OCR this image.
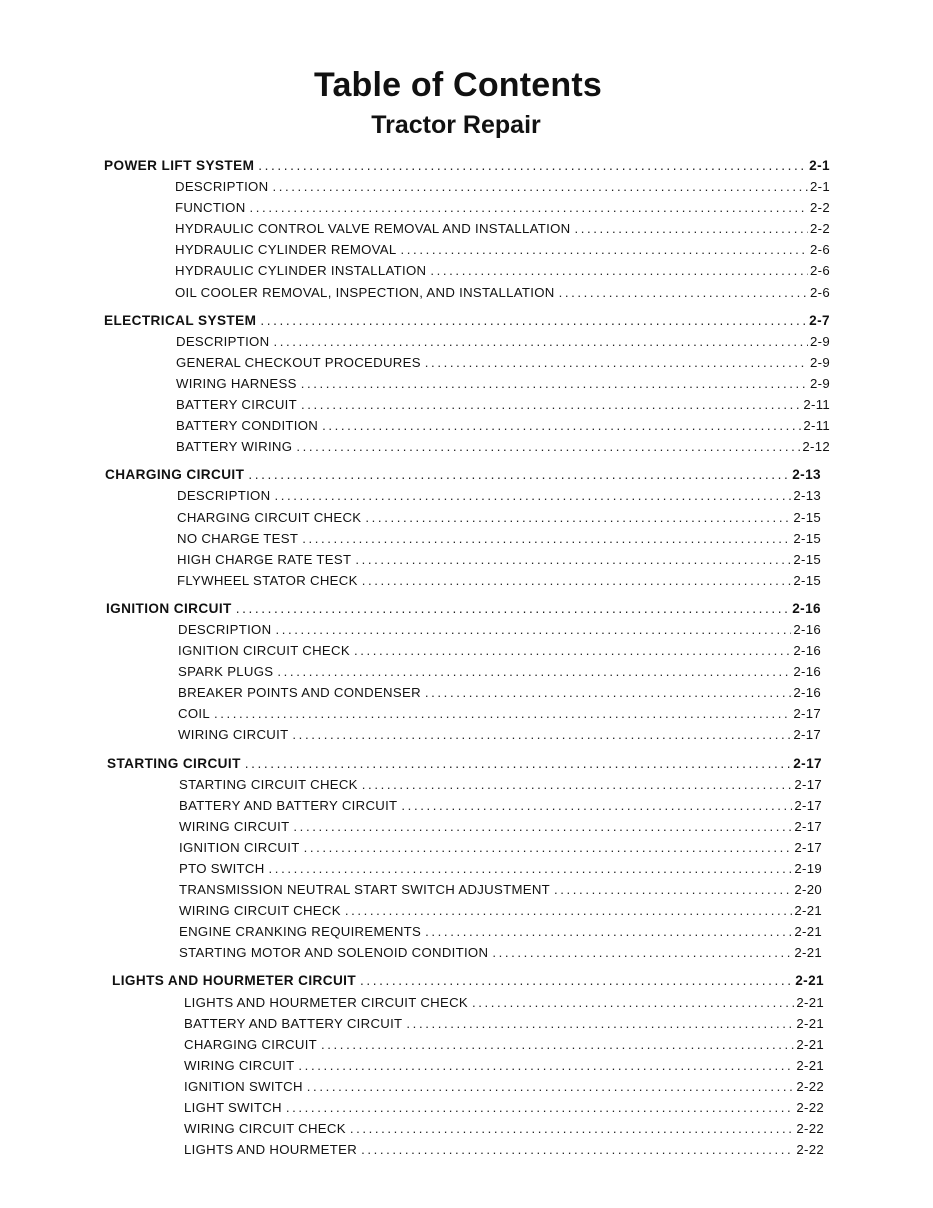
Table of Contents
Tractor Repair
POWER LIFT SYSTEM .....	2-1
DESCRIPTION .....	2-1
FUNCTION .....	2-2
HYDRAULIC CONTROL VALVE REMOVAL AND INSTALLATION .....	2-2
HYDRAULIC CYLINDER REMOVAL .....	2-6
HYDRAULIC CYLINDER INSTALLATION .....	2-6
OIL COOLER REMOVAL, INSPECTION, AND INSTALLATION .....	2-6
ELECTRICAL SYSTEM .....	2-7
DESCRIPTION .....	2-9
GENERAL CHECKOUT PROCEDURES .....	2-9
WIRING HARNESS .....	2-9
BATTERY CIRCUIT .....	2-11
BATTERY CONDITION .....	2-11
BATTERY WIRING .....	2-12
CHARGING CIRCUIT .....	2-13
DESCRIPTION .....	2-13
CHARGING CIRCUIT CHECK .....	2-15
NO CHARGE TEST .....	2-15
HIGH CHARGE RATE TEST .....	2-15
FLYWHEEL STATOR CHECK .....	2-15
IGNITION CIRCUIT .....	2-16
DESCRIPTION .....	2-16
IGNITION CIRCUIT CHECK .....	2-16
SPARK PLUGS .....	2-16
BREAKER POINTS AND CONDENSER .....	2-16
COIL .....	2-17
WIRING CIRCUIT .....	2-17
STARTING CIRCUIT .....	2-17
STARTING CIRCUIT CHECK .....	2-17
BATTERY AND BATTERY CIRCUIT .....	2-17
WIRING CIRCUIT .....	2-17
IGNITION CIRCUIT .....	2-17
PTO SWITCH .....	2-19
TRANSMISSION NEUTRAL START SWITCH ADJUSTMENT .....	2-20
WIRING CIRCUIT CHECK .....	2-21
ENGINE CRANKING REQUIREMENTS .....	2-21
STARTING MOTOR AND SOLENOID CONDITION .....	2-21
LIGHTS AND HOURMETER CIRCUIT .....	2-21
LIGHTS AND HOURMETER CIRCUIT CHECK .....	2-21
BATTERY AND BATTERY CIRCUIT .....	2-21
CHARGING CIRCUIT .....	2-21
WIRING CIRCUIT .....	2-21
IGNITION SWITCH .....	2-22
LIGHT SWITCH .....	2-22
WIRING CIRCUIT CHECK .....	2-22
LIGHTS AND HOURMETER .....	2-22
